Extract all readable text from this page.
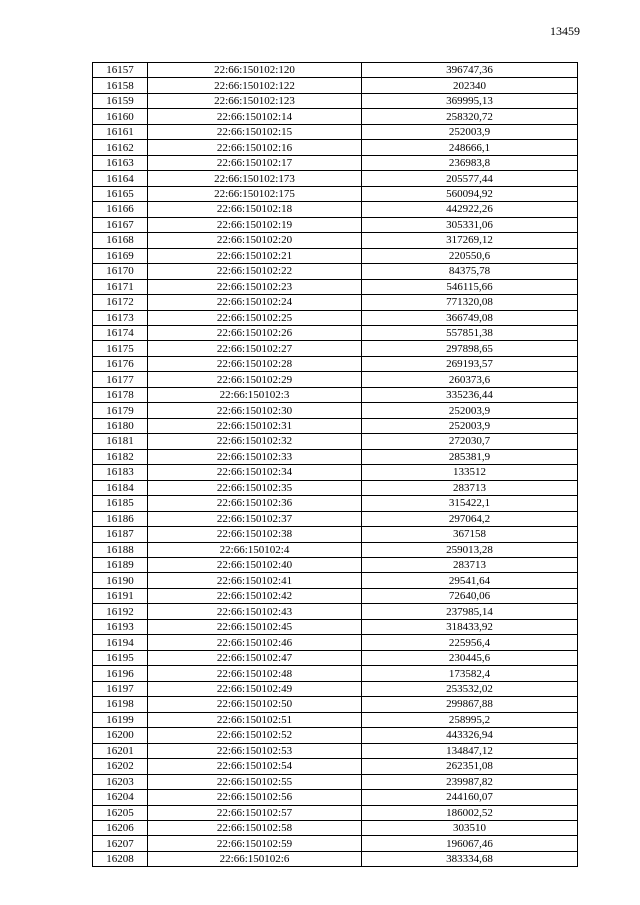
13459
16157	22:66:150102:120	396747,36
16158	22:66:150102:122	202340
16159	22:66:150102:123	369995,13
16160	22:66:150102:14	258320,72
16161	22:66:150102:15	252003,9
16162	22:66:150102:16	248666,1
16163	22:66:150102:17	236983,8
16164	22:66:150102:173	205577,44
16165	22:66:150102:175	560094,92
16166	22:66:150102:18	442922,26
16167	22:66:150102:19	305331,06
16168	22:66:150102:20	317269,12
16169	22:66:150102:21	220550,6
16170	22:66:150102:22	84375,78
16171	22:66:150102:23	546115,66
16172	22:66:150102:24	771320,08
16173	22:66:150102:25	366749,08
16174	22:66:150102:26	557851,38
16175	22:66:150102:27	297898,65
16176	22:66:150102:28	269193,57
16177	22:66:150102:29	260373,6
16178	22:66:150102:3	335236,44
16179	22:66:150102:30	252003,9
16180	22:66:150102:31	252003,9
16181	22:66:150102:32	272030,7
16182	22:66:150102:33	285381,9
16183	22:66:150102:34	133512
16184	22:66:150102:35	283713
16185	22:66:150102:36	315422,1
16186	22:66:150102:37	297064,2
16187	22:66:150102:38	367158
16188	22:66:150102:4	259013,28
16189	22:66:150102:40	283713
16190	22:66:150102:41	29541,64
16191	22:66:150102:42	72640,06
16192	22:66:150102:43	237985,14
16193	22:66:150102:45	318433,92
16194	22:66:150102:46	225956,4
16195	22:66:150102:47	230445,6
16196	22:66:150102:48	173582,4
16197	22:66:150102:49	253532,02
16198	22:66:150102:50	299867,88
16199	22:66:150102:51	258995,2
16200	22:66:150102:52	443326,94
16201	22:66:150102:53	134847,12
16202	22:66:150102:54	262351,08
16203	22:66:150102:55	239987,82
16204	22:66:150102:56	244160,07
16205	22:66:150102:57	186002,52
16206	22:66:150102:58	303510
16207	22:66:150102:59	196067,46
16208	22:66:150102:6	383334,68
